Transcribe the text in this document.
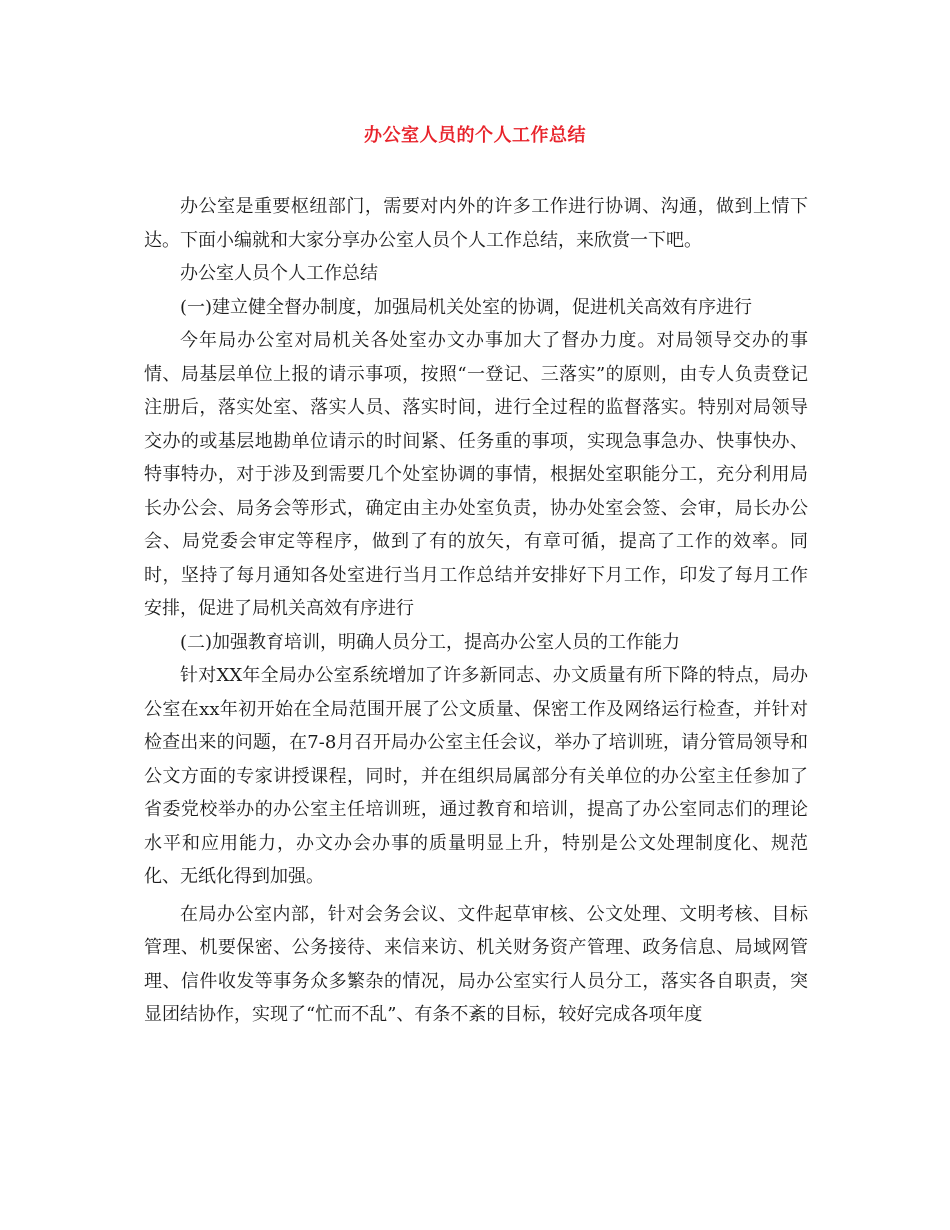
办公室人员的个人工作总结

办公室是重要枢纽部门，需要对内外的许多工作进行协调、沟通，做到上情下达。下面小编就和大家分享办公室人员个人工作总结，来欣赏一下吧。

办公室人员个人工作总结

(一)建立健全督办制度，加强局机关处室的协调，促进机关高效有序进行

今年局办公室对局机关各处室办文办事加大了督办力度。对局领导交办的事情、局基层单位上报的请示事项，按照“一登记、三落实”的原则，由专人负责登记注册后，落实处室、落实人员、落实时间，进行全过程的监督落实。特别对局领导交办的或基层地勘单位请示的时间紧、任务重的事项，实现急事急办、快事快办、特事特办，对于涉及到需要几个处室协调的事情，根据处室职能分工，充分利用局长办公会、局务会等形式，确定由主办处室负责，协办处室会签、会审，局长办公会、局党委会审定等程序，做到了有的放矢，有章可循，提高了工作的效率。同时，坚持了每月通知各处室进行当月工作总结并安排好下月工作，印发了每月工作安排，促进了局机关高效有序进行

(二)加强教育培训，明确人员分工，提高办公室人员的工作能力

针对XX年全局办公室系统增加了许多新同志、办文质量有所下降的特点，局办公室在xx年初开始在全局范围开展了公文质量、保密工作及网络运行检查，并针对检查出来的问题，在7-8月召开局办公室主任会议，举办了培训班，请分管局领导和公文方面的专家讲授课程，同时，并在组织局属部分有关单位的办公室主任参加了省委党校举办的办公室主任培训班，通过教育和培训，提高了办公室同志们的理论水平和应用能力，办文办会办事的质量明显上升，特别是公文处理制度化、规范化、无纸化得到加强。

在局办公室内部，针对会务会议、文件起草审核、公文处理、文明考核、目标管理、机要保密、公务接待、来信来访、机关财务资产管理、政务信息、局域网管理、信件收发等事务众多繁杂的情况，局办公室实行人员分工，落实各自职责，突显团结协作，实现了“忙而不乱”、有条不紊的目标，较好完成各项年度
